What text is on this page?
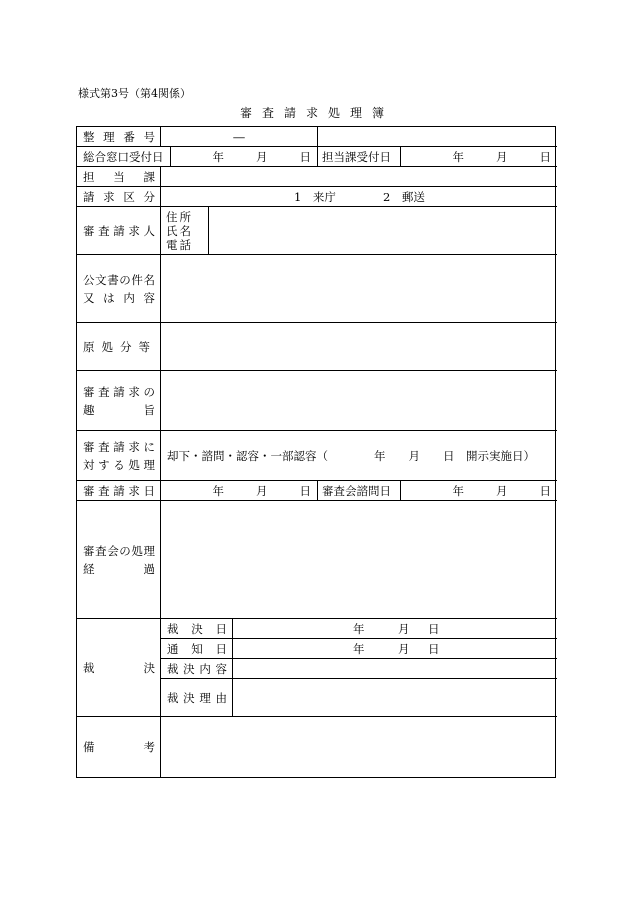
様式第3号（第4関係）
審査請求処理簿
整 理 番 号	―
総合窓口受付日	年	月	日 担当課受付日	年	月	日
担 当 課
請 求 区 分	1　来庁	2　郵送
審 査 請 求 人
住 所
氏 名
電 話
公 文 書 の 件 名
又 は 内 容
原 処 分 等
審 査 請 求 の
趣	旨
審 査 請 求 に
対 す る 処 理
却下・諮問・認容・一部認容（　　　　年　　月　　日　開示実施日）
審 査 請 求 日	年	月	日 審査会諮問日	年	月	日
審 査 会 の 処 理
経	過
裁	決
裁 決 日	年	月 日
通 知 日	年	月 日
裁 決 内 容
裁 決 理 由
備	考
